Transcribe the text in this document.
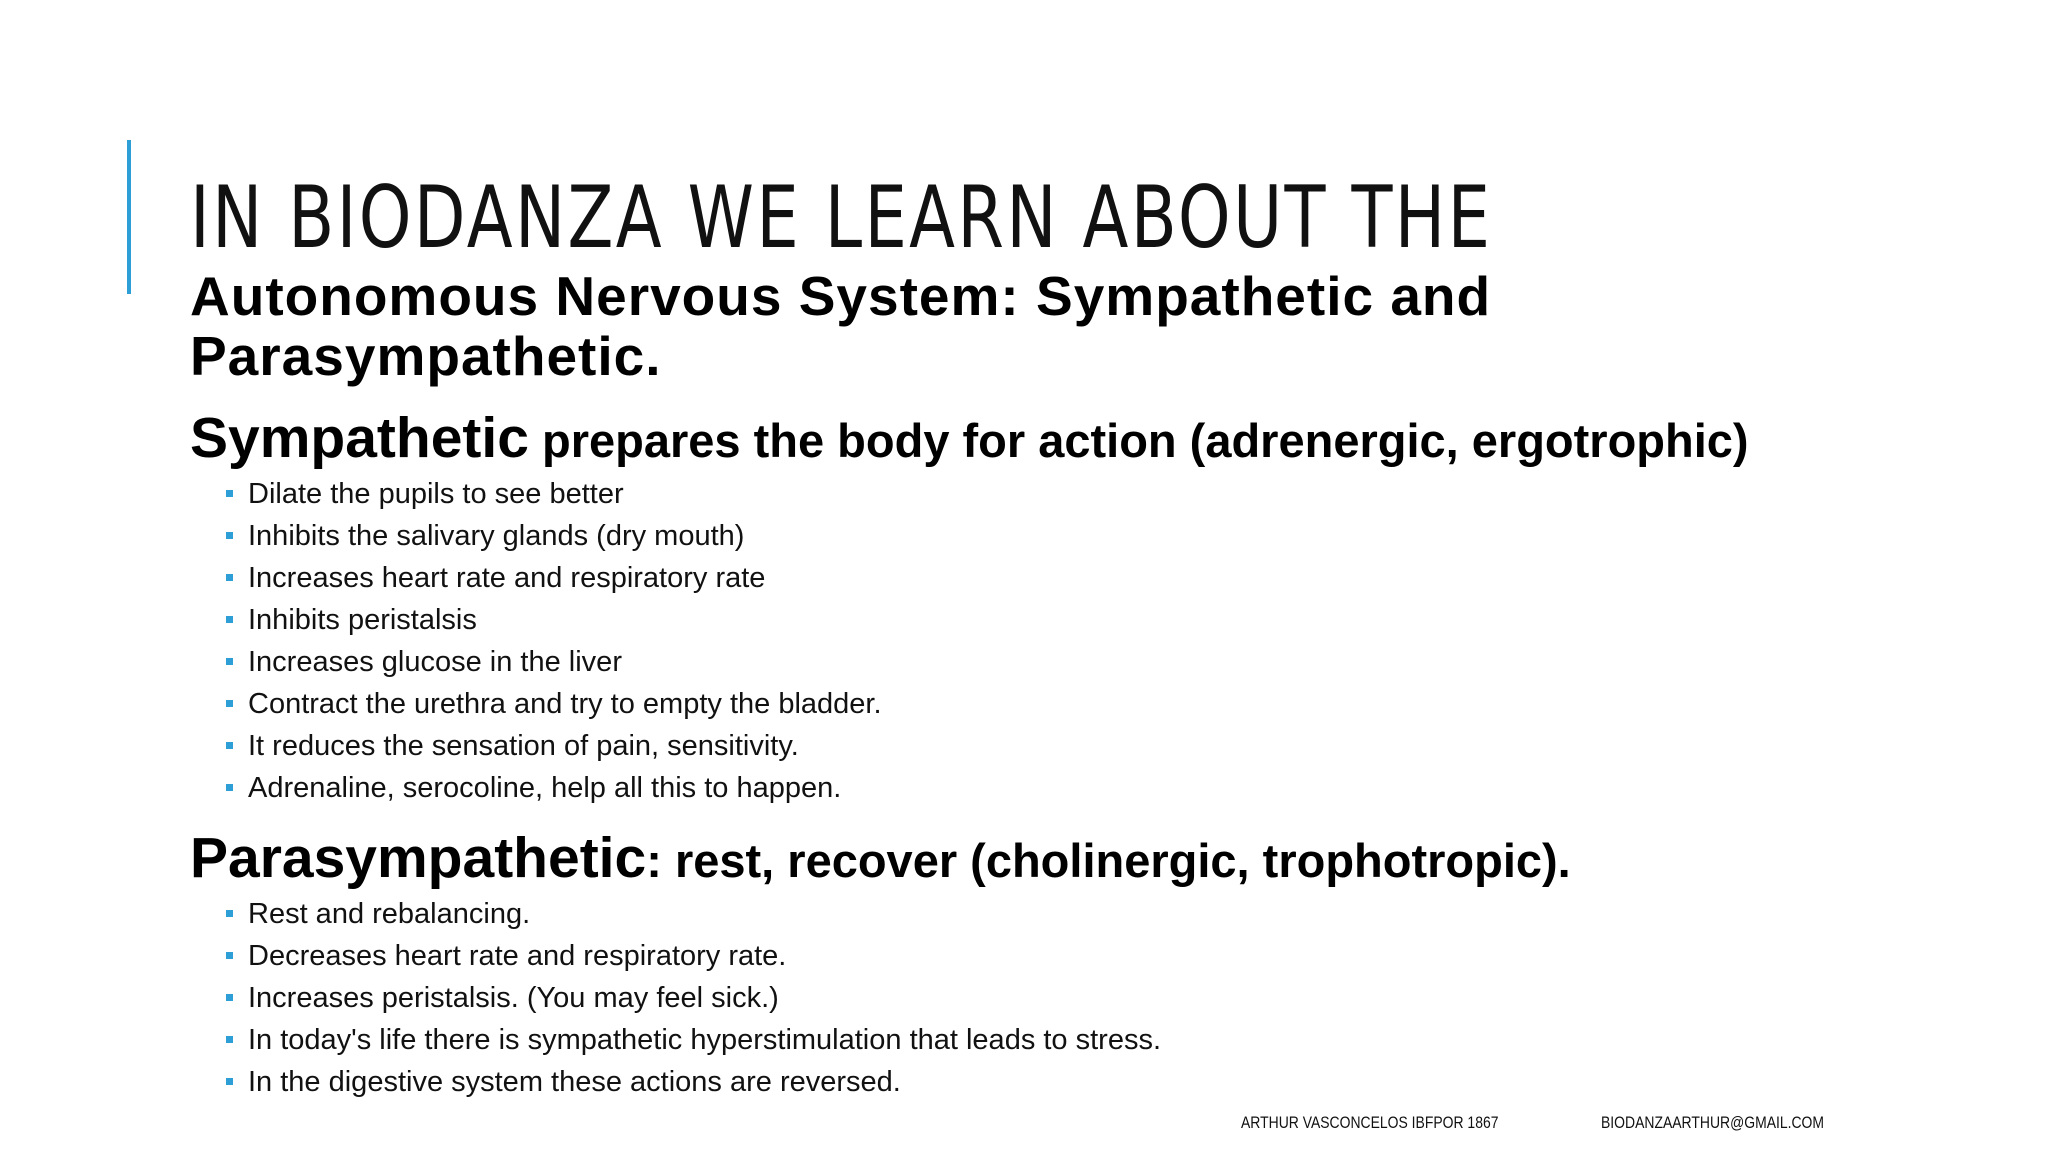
IN BIODANZA WE LEARN ABOUT THE

Autonomous Nervous System: Sympathetic and Parasympathetic.

Sympathetic prepares the body for action (adrenergic, ergotrophic)
Dilate the pupils to see better
Inhibits the salivary glands (dry mouth)
Increases heart rate and respiratory rate
Inhibits peristalsis
Increases glucose in the liver
Contract the urethra and try to empty the bladder.
It reduces the sensation of pain, sensitivity.
Adrenaline, serocoline, help all this to happen.
Parasympathetic: rest, recover (cholinergic, trophotropic).
Rest and rebalancing.
Decreases heart rate and respiratory rate.
Increases peristalsis. (You may feel sick.)
In today's life there is sympathetic hyperstimulation that leads to stress.
In the digestive system these actions are reversed.
ARTHUR VASCONCELOS IBFPOR 1867	BIODANZAARTHUR@GMAIL.COM
